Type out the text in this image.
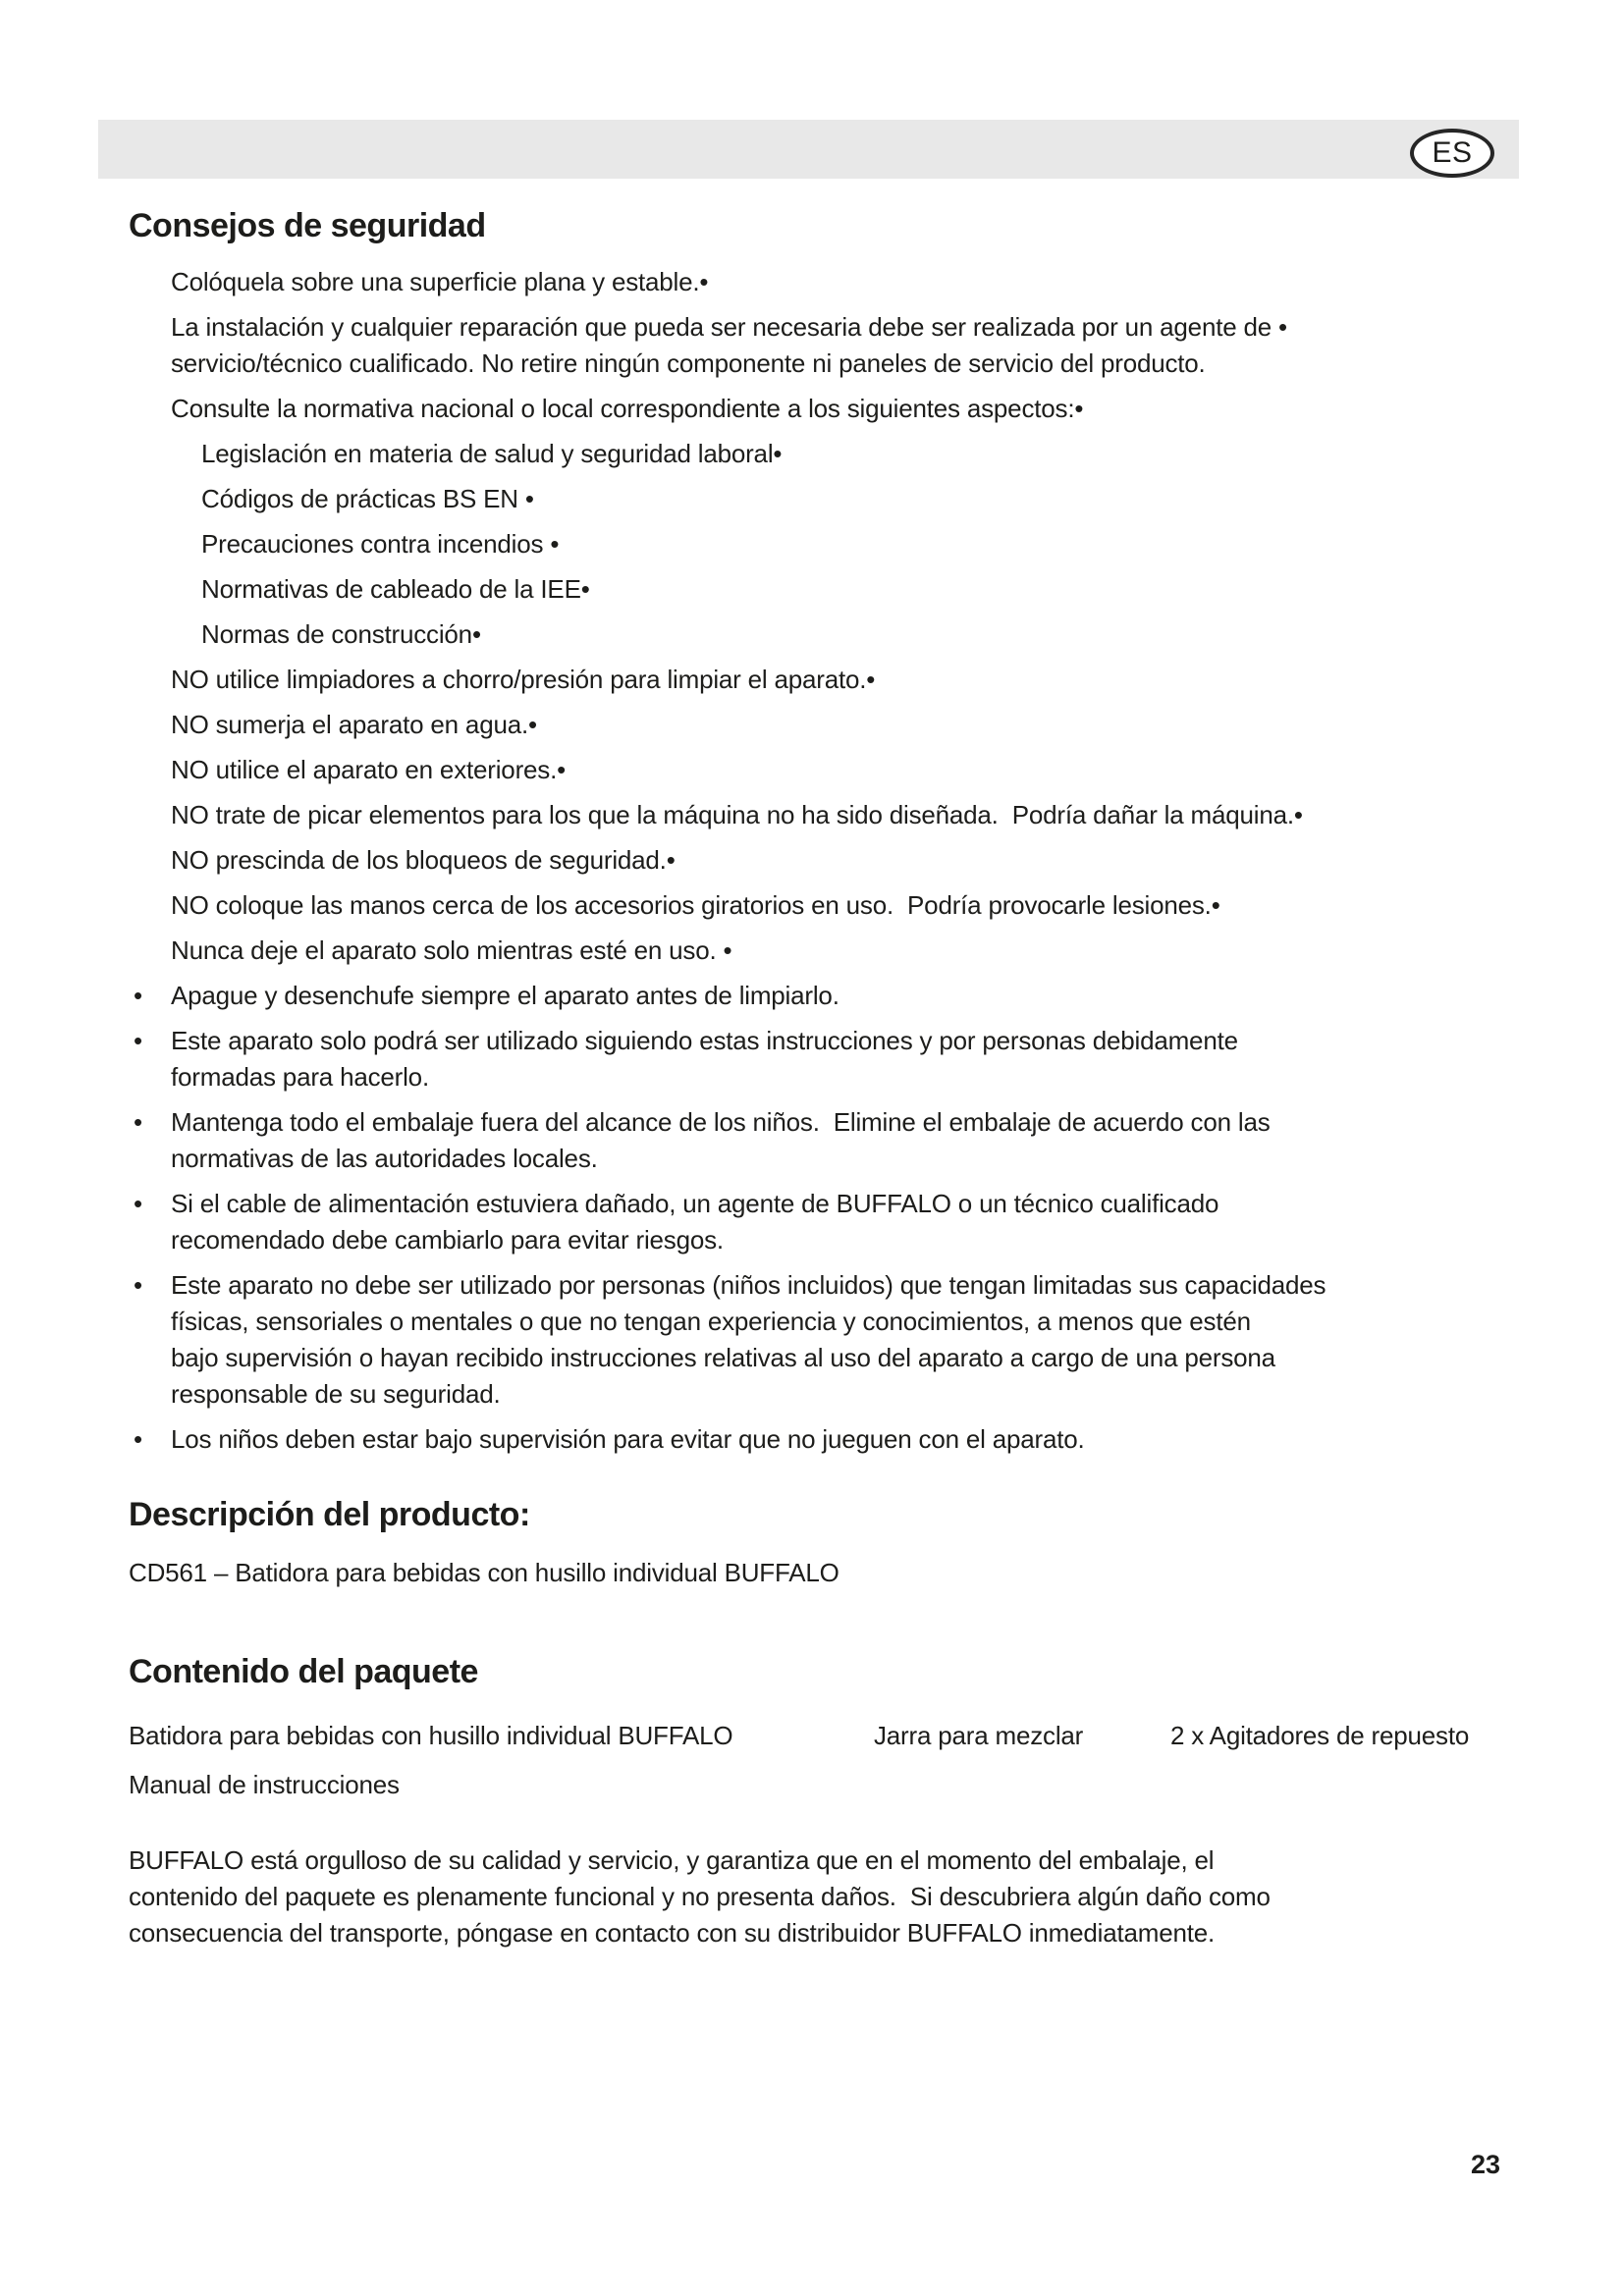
ES
Consejos de seguridad
Colóquela sobre una superficie plana y estable.•
La instalación y cualquier reparación que pueda ser necesaria debe ser realizada por un agente de •
servicio/técnico cualificado. No retire ningún componente ni paneles de servicio del producto.
Consulte la normativa nacional o local correspondiente a los siguientes aspectos:•
Legislación en materia de salud y seguridad laboral•
Códigos de prácticas BS EN •
Precauciones contra incendios •
Normativas de cableado de la IEE•
Normas de construcción•
NO utilice limpiadores a chorro/presión para limpiar el aparato.•
NO sumerja el aparato en agua.•
NO utilice el aparato en exteriores.•
NO trate de picar elementos para los que la máquina no ha sido diseñada.  Podría dañar la máquina.•
NO prescinda de los bloqueos de seguridad.•
NO coloque las manos cerca de los accesorios giratorios en uso.  Podría provocarle lesiones.•
Nunca deje el aparato solo mientras esté en uso. •
• Apague y desenchufe siempre el aparato antes de limpiarlo.
• Este aparato solo podrá ser utilizado siguiendo estas instrucciones y por personas debidamente
formadas para hacerlo.
• Mantenga todo el embalaje fuera del alcance de los niños.  Elimine el embalaje de acuerdo con las
normativas de las autoridades locales.
• Si el cable de alimentación estuviera dañado, un agente de BUFFALO o un técnico cualificado
recomendado debe cambiarlo para evitar riesgos.
• Este aparato no debe ser utilizado por personas (niños incluidos) que tengan limitadas sus capacidades
físicas, sensoriales o mentales o que no tengan experiencia y conocimientos, a menos que estén
bajo supervisión o hayan recibido instrucciones relativas al uso del aparato a cargo de una persona
responsable de su seguridad.
• Los niños deben estar bajo supervisión para evitar que no jueguen con el aparato.
Descripción del producto:
CD561 – Batidora para bebidas con husillo individual BUFFALO
Contenido del paquete
Batidora para bebidas con husillo individual BUFFALO	Jarra para mezclar	2 x Agitadores de repuesto
Manual de instrucciones
BUFFALO está orgulloso de su calidad y servicio, y garantiza que en el momento del embalaje, el
contenido del paquete es plenamente funcional y no presenta daños.  Si descubriera algún daño como
consecuencia del transporte, póngase en contacto con su distribuidor BUFFALO inmediatamente.
23
